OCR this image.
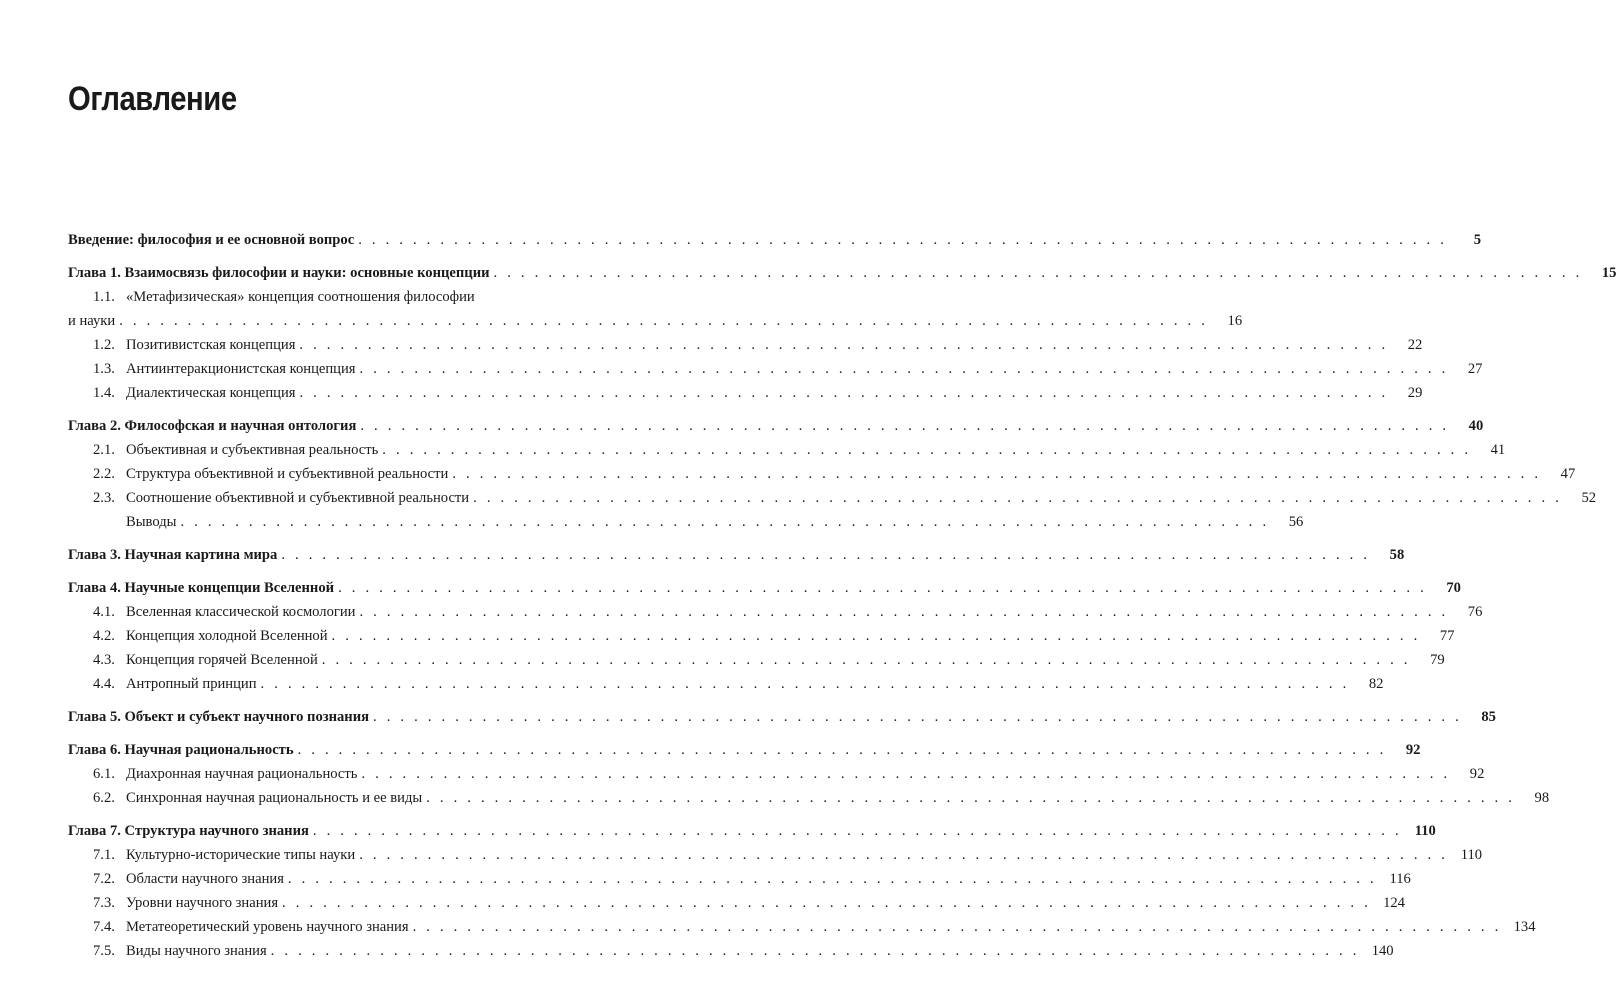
Оглавление
Введение: философия и ее основной вопрос . . . . . . . . . . . . . . . . . . . . . . . . . . . . . . . . . . . . . . . . . . . . . . . . . . . . . . . . . . . . . . . . . . . . . . . . . . . . . . . .	5
Глава 1. Взаимосвязь философии и науки: основные концепции . . . . . . . . . . . . . . . . . . . . . . . . . . . . . . . . . . . . . . . . . . . . . . . . . . . . . . . . . . . . . . . . . . . . . . . . . . . . . . . .	15
1.1. «Метафизическая» концепция соотношения философии
и науки . . . . . . . . . . . . . . . . . . . . . . . . . . . . . . . . . . . . . . . . . . . . . . . . . . . . . . . . . . . . . . . . . . . . . . . . . . . . . . . .	16
1.2. Позитивистская концепция . . . . . . . . . . . . . . . . . . . . . . . . . . . . . . . . . . . . . . . . . . . . . . . . . . . . . . . . . . . . . . . . . . . . . . . . . . . . . . . .	22
1.3. Антиинтеракционистская концепция . . . . . . . . . . . . . . . . . . . . . . . . . . . . . . . . . . . . . . . . . . . . . . . . . . . . . . . . . . . . . . . . . . . . . . . . . . . . . . . .	27
1.4. Диалектическая концепция . . . . . . . . . . . . . . . . . . . . . . . . . . . . . . . . . . . . . . . . . . . . . . . . . . . . . . . . . . . . . . . . . . . . . . . . . . . . . . . .	29
Глава 2. Философская и научная онтология . . . . . . . . . . . . . . . . . . . . . . . . . . . . . . . . . . . . . . . . . . . . . . . . . . . . . . . . . . . . . . . . . . . . . . . . . . . . . . . .	40
2.1. Объективная и субъективная реальность . . . . . . . . . . . . . . . . . . . . . . . . . . . . . . . . . . . . . . . . . . . . . . . . . . . . . . . . . . . . . . . . . . . . . . . . . . . . . . . .	41
2.2. Структура объективной и субъективной реальности . . . . . . . . . . . . . . . . . . . . . . . . . . . . . . . . . . . . . . . . . . . . . . . . . . . . . . . . . . . . . . . . . . . . . . . . . . . . . . . .	47
2.3. Соотношение объективной и субъективной реальности . . . . . . . . . . . . . . . . . . . . . . . . . . . . . . . . . . . . . . . . . . . . . . . . . . . . . . . . . . . . . . . . . . . . . . . . . . . . . . . .	52
Выводы . . . . . . . . . . . . . . . . . . . . . . . . . . . . . . . . . . . . . . . . . . . . . . . . . . . . . . . . . . . . . . . . . . . . . . . . . . . . . . . .	56
Глава 3. Научная картина мира . . . . . . . . . . . . . . . . . . . . . . . . . . . . . . . . . . . . . . . . . . . . . . . . . . . . . . . . . . . . . . . . . . . . . . . . . . . . . . . .	58
Глава 4. Научные концепции Вселенной . . . . . . . . . . . . . . . . . . . . . . . . . . . . . . . . . . . . . . . . . . . . . . . . . . . . . . . . . . . . . . . . . . . . . . . . . . . . . . . .	70
4.1. Вселенная классической космологии . . . . . . . . . . . . . . . . . . . . . . . . . . . . . . . . . . . . . . . . . . . . . . . . . . . . . . . . . . . . . . . . . . . . . . . . . . . . . . . .	76
4.2. Концепция холодной Вселенной . . . . . . . . . . . . . . . . . . . . . . . . . . . . . . . . . . . . . . . . . . . . . . . . . . . . . . . . . . . . . . . . . . . . . . . . . . . . . . . .	77
4.3. Концепция горячей Вселенной . . . . . . . . . . . . . . . . . . . . . . . . . . . . . . . . . . . . . . . . . . . . . . . . . . . . . . . . . . . . . . . . . . . . . . . . . . . . . . . .	79
4.4. Антропный принцип . . . . . . . . . . . . . . . . . . . . . . . . . . . . . . . . . . . . . . . . . . . . . . . . . . . . . . . . . . . . . . . . . . . . . . . . . . . . . . . .	82
Глава 5. Объект и субъект научного познания . . . . . . . . . . . . . . . . . . . . . . . . . . . . . . . . . . . . . . . . . . . . . . . . . . . . . . . . . . . . . . . . . . . . . . . . . . . . . . . .	85
Глава 6. Научная рациональность . . . . . . . . . . . . . . . . . . . . . . . . . . . . . . . . . . . . . . . . . . . . . . . . . . . . . . . . . . . . . . . . . . . . . . . . . . . . . . . .	92
6.1. Диахронная научная рациональность . . . . . . . . . . . . . . . . . . . . . . . . . . . . . . . . . . . . . . . . . . . . . . . . . . . . . . . . . . . . . . . . . . . . . . . . . . . . . . . .	92
6.2. Синхронная научная рациональность и ее виды . . . . . . . . . . . . . . . . . . . . . . . . . . . . . . . . . . . . . . . . . . . . . . . . . . . . . . . . . . . . . . . . . . . . . . . . . . . . . . . .	98
Глава 7. Структура научного знания . . . . . . . . . . . . . . . . . . . . . . . . . . . . . . . . . . . . . . . . . . . . . . . . . . . . . . . . . . . . . . . . . . . . . . . . . . . . . . . . 110
7.1. Культурно-исторические типы науки . . . . . . . . . . . . . . . . . . . . . . . . . . . . . . . . . . . . . . . . . . . . . . . . . . . . . . . . . . . . . . . . . . . . . . . . . . . . . . . . 110
7.2. Области научного знания . . . . . . . . . . . . . . . . . . . . . . . . . . . . . . . . . . . . . . . . . . . . . . . . . . . . . . . . . . . . . . . . . . . . . . . . . . . . . . . . 116
7.3. Уровни научного знания . . . . . . . . . . . . . . . . . . . . . . . . . . . . . . . . . . . . . . . . . . . . . . . . . . . . . . . . . . . . . . . . . . . . . . . . . . . . . . . . 124
7.4. Метатеоретический уровень научного знания . . . . . . . . . . . . . . . . . . . . . . . . . . . . . . . . . . . . . . . . . . . . . . . . . . . . . . . . . . . . . . . . . . . . . . . . . . . . . . . . 134
7.5. Виды научного знания . . . . . . . . . . . . . . . . . . . . . . . . . . . . . . . . . . . . . . . . . . . . . . . . . . . . . . . . . . . . . . . . . . . . . . . . . . . . . . . . 140
